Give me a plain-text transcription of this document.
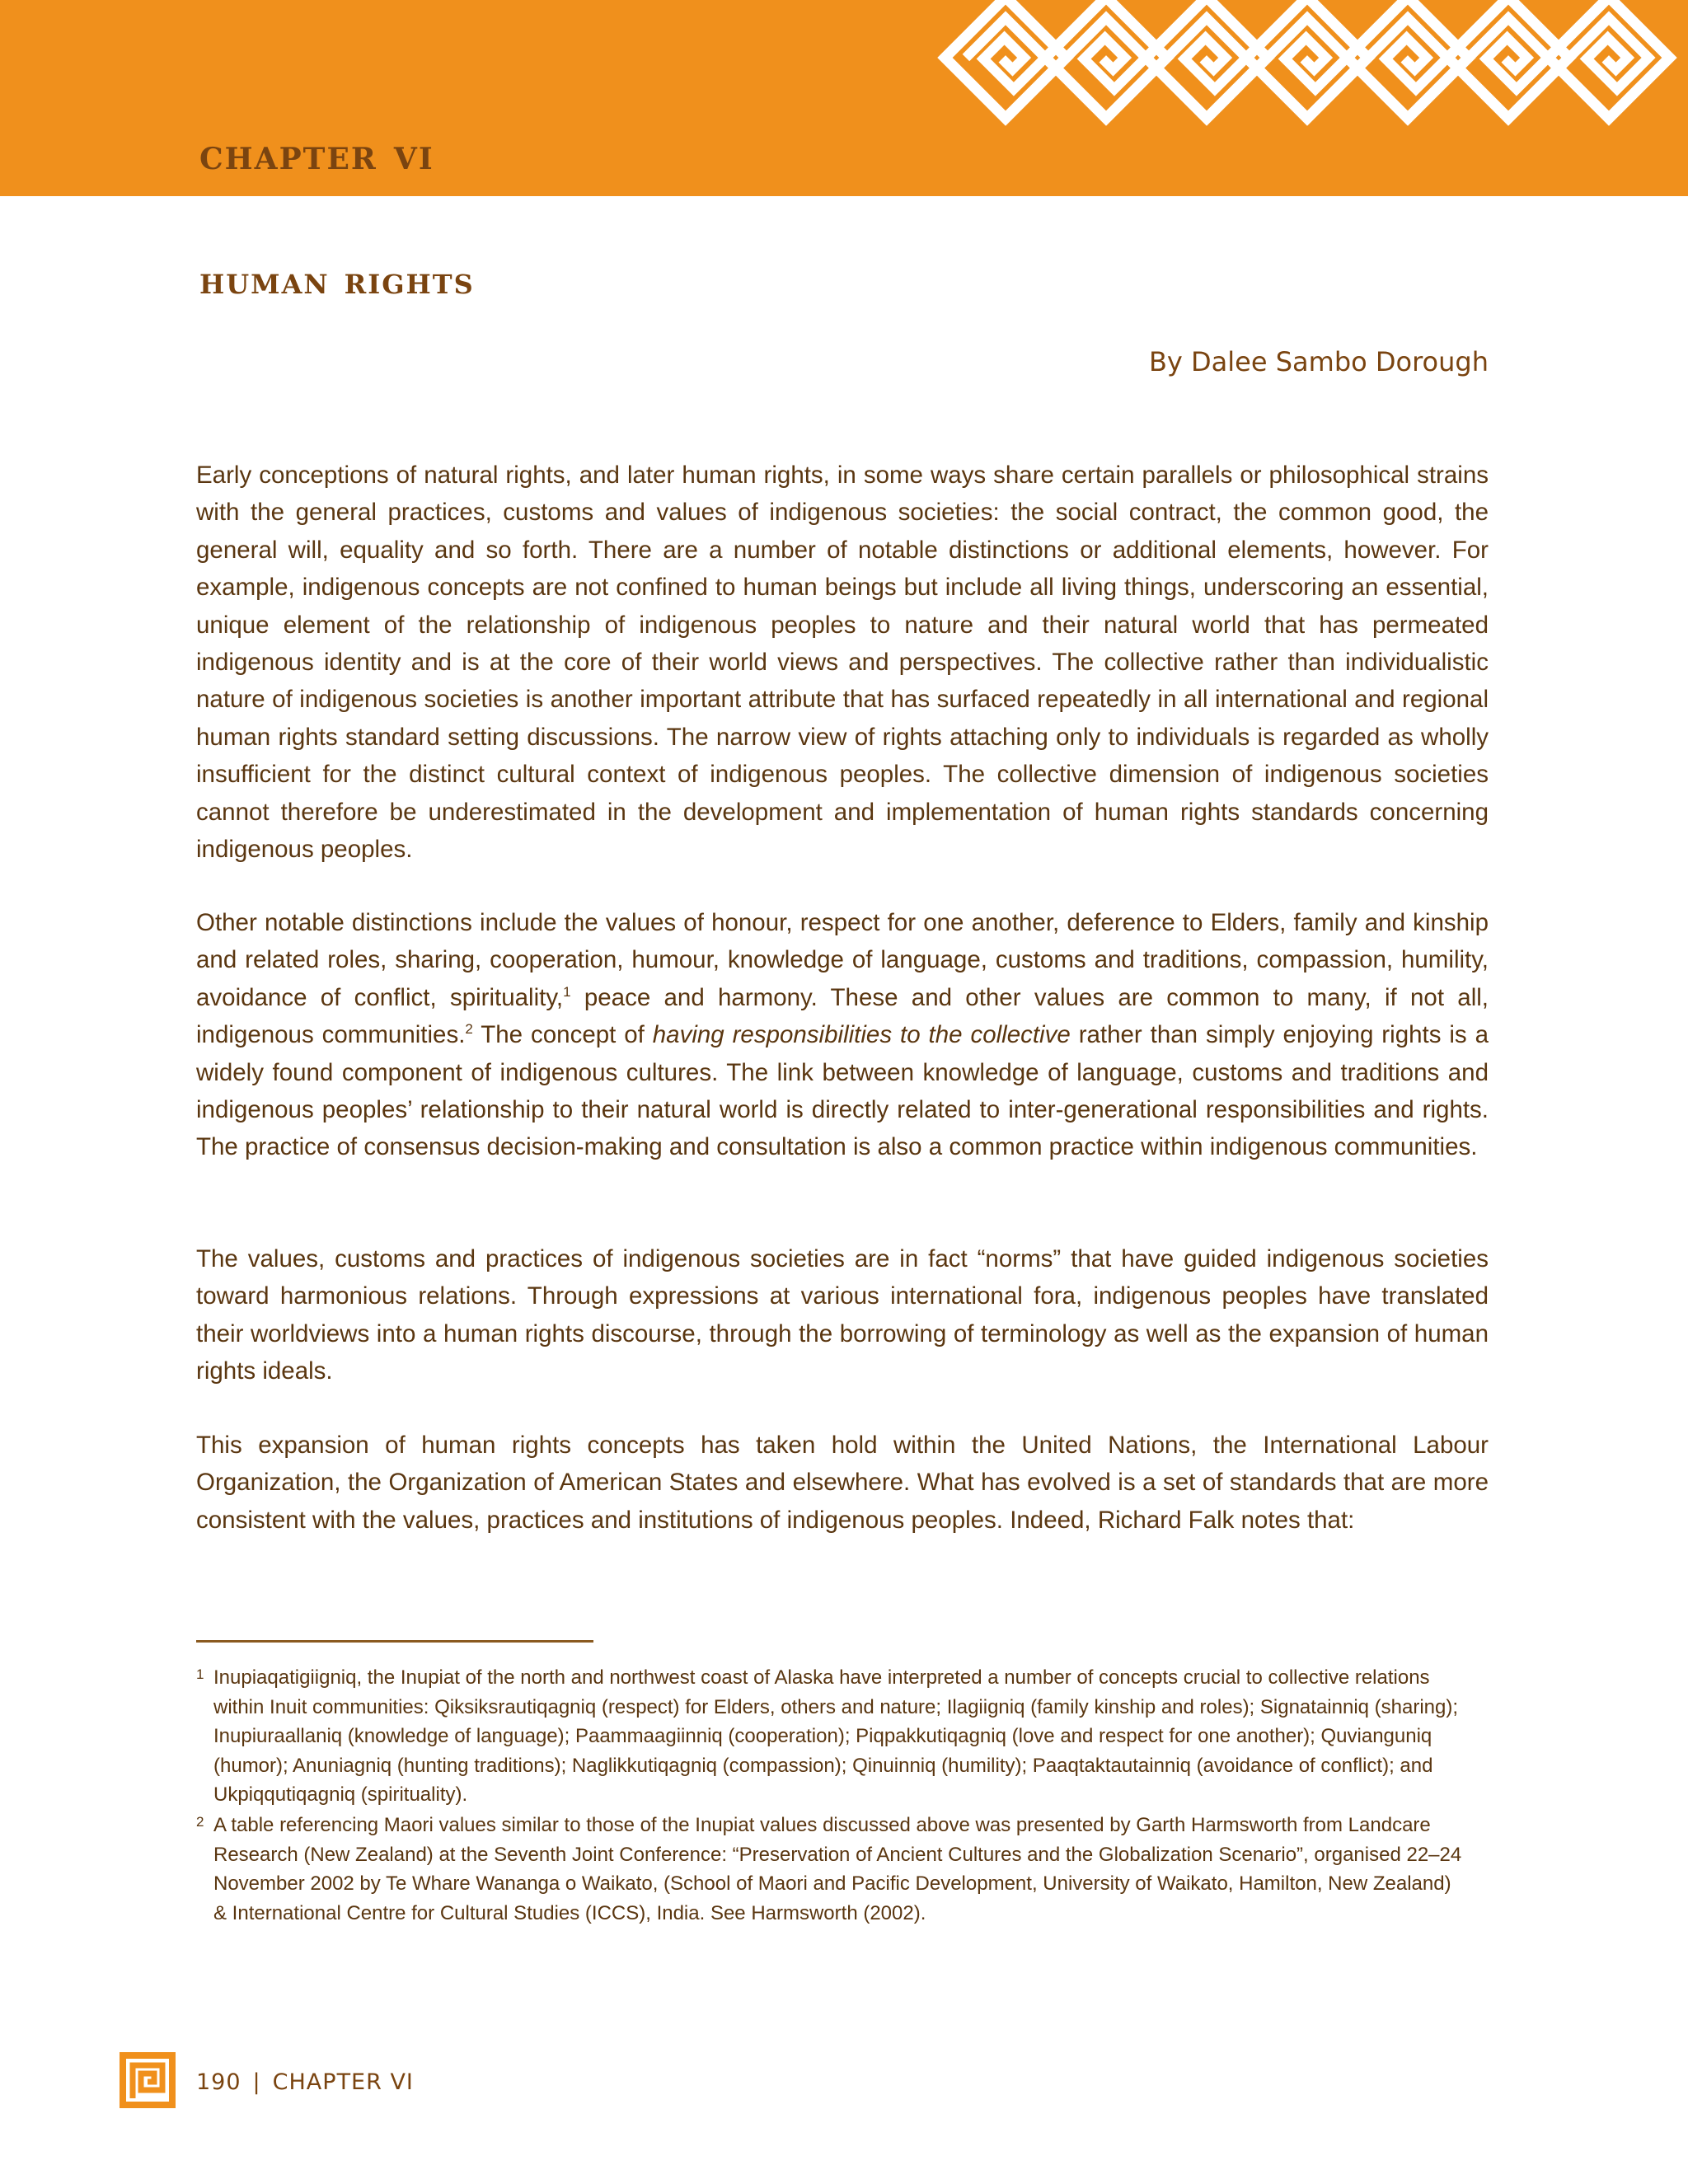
chapter vi
human rights
By Dalee Sambo Dorough

Early conceptions of natural rights, and later human rights, in some ways share certain parallels or philosophical strains with the general practices, customs and values of indigenous societies: the social contract, the common good, the general will, equality and so forth. There are a number of notable distinctions or additional elements, however. For example, indigenous concepts are not confined to human beings but include all living things, underscoring an essential, unique element of the relationship of indigenous peoples to nature and their natural world that has permeated indigenous identity and is at the core of their world views and perspectives. The collective rather than individualistic nature of indigenous societies is another important attribute that has surfaced repeatedly in all international and regional human rights standard setting discussions. The narrow view of rights attaching only to individuals is regarded as wholly insufficient for the distinct cultural context of indigenous peoples. The collective dimension of indigenous societies cannot therefore be underestimated in the development and implementation of human rights standards concerning indigenous peoples.

Other notable distinctions include the values of honour, respect for one another, deference to Elders, family and kinship and related roles, sharing, cooperation, humour, knowledge of language, customs and traditions, compassion, humility, avoidance of conflict, spirituality,$^1$ peace and harmony. These and other values are common to many, if not all, indigenous communities.$^2$ The concept of having responsibilities to the collective rather than simply enjoying rights is a widely found component of indigenous cultures. The link between knowledge of language, customs and traditions and indigenous peoples’ relationship to their natural world is directly related to inter-generational responsibilities and rights. The practice of consensus decision-making and consultation is also a common practice within indigenous communities.

The values, customs and practices of indigenous societies are in fact “norms” that have guided indigenous societies toward harmonious relations. Through expressions at various international fora, indigenous peoples have translated their worldviews into a human rights discourse, through the borrowing of terminology as well as the expansion of human rights ideals.

This expansion of human rights concepts has taken hold within the United Nations, the International Labour Organization, the Organization of American States and elsewhere. What has evolved is a set of standards that are more consistent with the values, practices and institutions of indigenous peoples. Indeed, Richard Falk notes that:

1 Inupiaqatigiigniq, the Inupiat of the north and northwest coast of Alaska have interpreted a number of concepts crucial to collective relations within Inuit communities: Qiksiksrautiqagniq (respect) for Elders, others and nature; Ilagiigniq (family kinship and roles); Signatainniq (sharing); Inupiuraallaniq (knowledge of language); Paammaagiinniq (cooperation); Piqpakkutiqagniq (love and respect for one another); Quvianguniq (humor); Anuniagniq (hunting traditions); Naglikkutiqagniq (compassion); Qinuinniq (humility); Paaqtaktautainniq (avoidance of conflict); and Ukpiqqutiqagniq (spirituality).
2 A table referencing Maori values similar to those of the Inupiat values discussed above was presented by Garth Harmsworth from Landcare Research (New Zealand) at the Seventh Joint Conference: “Preservation of Ancient Cultures and the Globalization Scenario”, organised 22–24 November 2002 by Te Whare Wananga o Waikato, (School of Maori and Pacific Development, University of Waikato, Hamilton, New Zealand) & International Centre for Cultural Studies (ICCS), India. See Harmsworth (2002).
190 | CHAPTER VI
